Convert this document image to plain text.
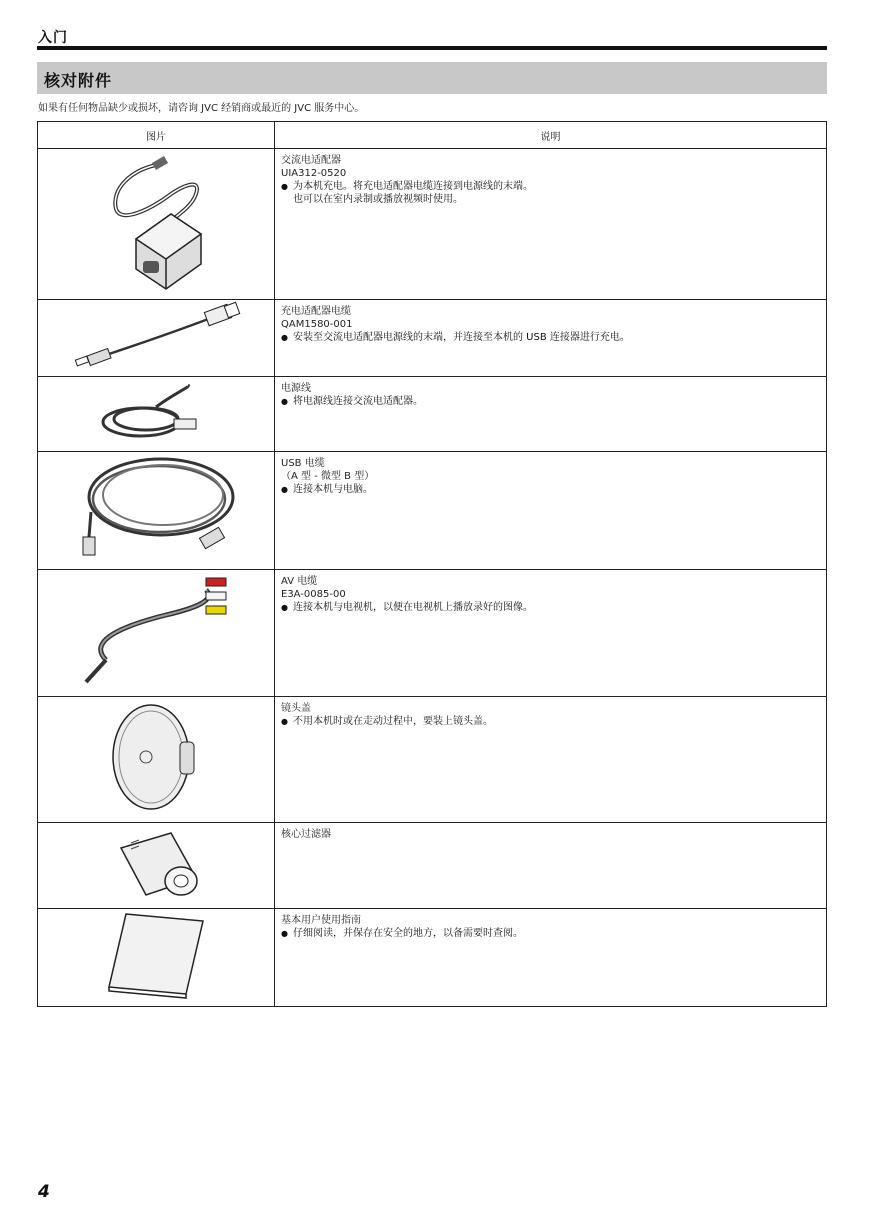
入门
核对附件
如果有任何物品缺少或损坏，请咨询 JVC 经销商或最近的 JVC 服务中心。
图片	说明

交流电适配器
UIA312-0520
● 为本机充电。将充电适配器电缆连接到电源线的末端。
也可以在室内录制或播放视频时使用。

充电适配器电缆
QAM1580-001
● 安装至交流电适配器电源线的末端，并连接至本机的 USB 连接器进行充电。

电源线
● 将电源线连接交流电适配器。

USB 电缆
（A 型 - 微型 B 型）
● 连接本机与电脑。

AV 电缆
E3A-0085-00
● 连接本机与电视机，以便在电视机上播放录好的图像。

镜头盖
● 不用本机时或在走动过程中，要装上镜头盖。

核心过滤器

基本用户使用指南
● 仔细阅读，并保存在安全的地方，以备需要时查阅。
4
